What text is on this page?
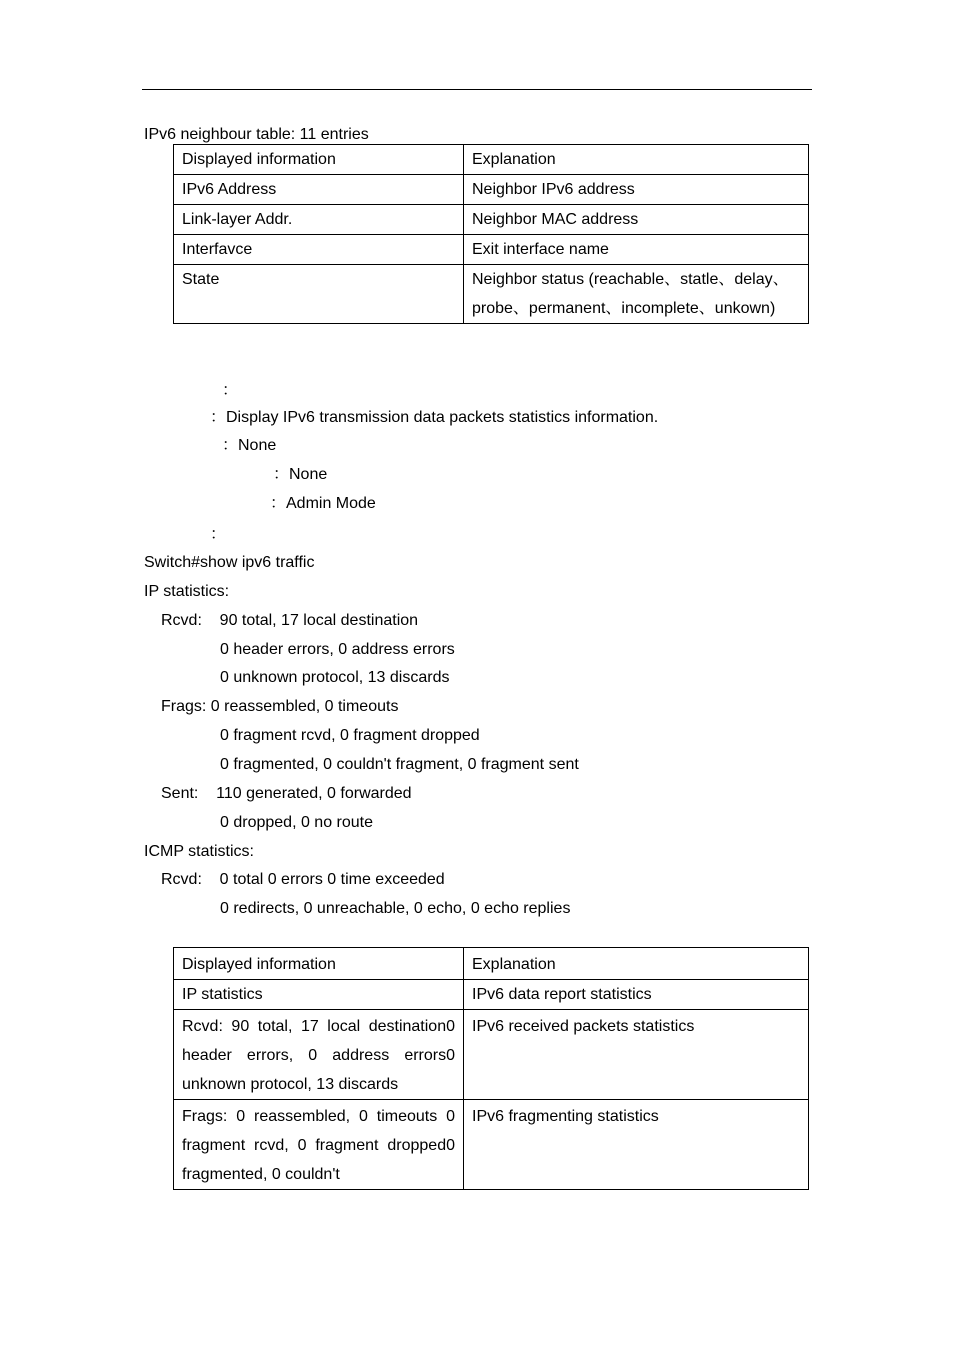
IPv6 neighbour table: 11 entries
Displayed information	Explanation
IPv6 Address	Neighbor IPv6 address
Link-layer Addr.	Neighbor MAC address
Interfavce	Exit interface name
State	Neighbor status (reachable、statle、delay、probe、permanent、incomplete、unkown)
：
：Display IPv6 transmission data packets statistics information.
：None
：None
：Admin Mode
：
Switch#show ipv6 traffic
IP statistics:
Rcvd:    90 total, 17 local destination
0 header errors, 0 address errors
0 unknown protocol, 13 discards
Frags: 0 reassembled, 0 timeouts
0 fragment rcvd, 0 fragment dropped
0 fragmented, 0 couldn't fragment, 0 fragment sent
Sent:    110 generated, 0 forwarded
0 dropped, 0 no route
ICMP statistics:
Rcvd:    0 total 0 errors 0 time exceeded
0 redirects, 0 unreachable, 0 echo, 0 echo replies
Displayed information	Explanation
IP statistics	IPv6 data report statistics
Rcvd: 90 total, 17 local destination0 header errors, 0 address errors0 unknown protocol, 13 discards	IPv6 received packets statistics
Frags: 0 reassembled, 0 timeouts 0 fragment rcvd, 0 fragment dropped0 fragmented, 0 couldn't	IPv6 fragmenting statistics
